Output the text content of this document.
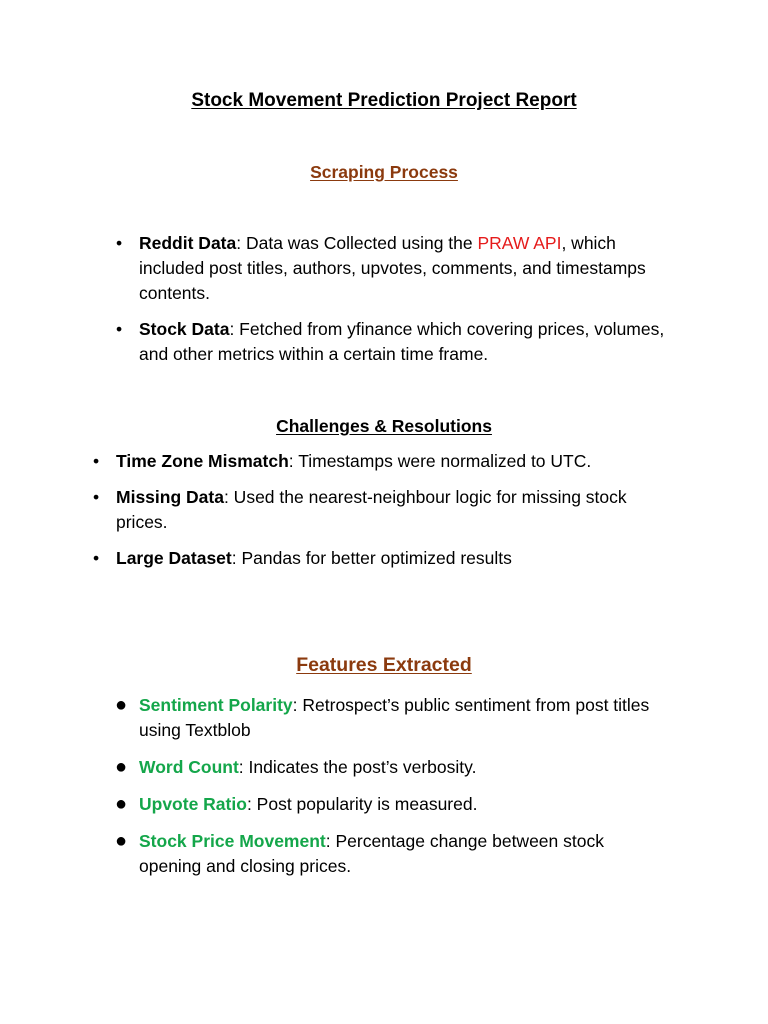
Stock Movement Prediction Project Report
Scraping Process
• Reddit Data: Data was Collected using the PRAW API, which included post titles, authors, upvotes, comments, and timestamps contents.
• Stock Data: Fetched from yfinance which covering prices, volumes, and other metrics within a certain time frame.
Challenges & Resolutions
• Time Zone Mismatch: Timestamps were normalized to UTC.
• Missing Data: Used the nearest-neighbour logic for missing stock prices.
• Large Dataset: Pandas for better optimized results
Features Extracted
● Sentiment Polarity: Retrospect’s public sentiment from post titles using Textblob
● Word Count: Indicates the post’s verbosity.
● Upvote Ratio: Post popularity is measured.
● Stock Price Movement: Percentage change between stock opening and closing prices.
